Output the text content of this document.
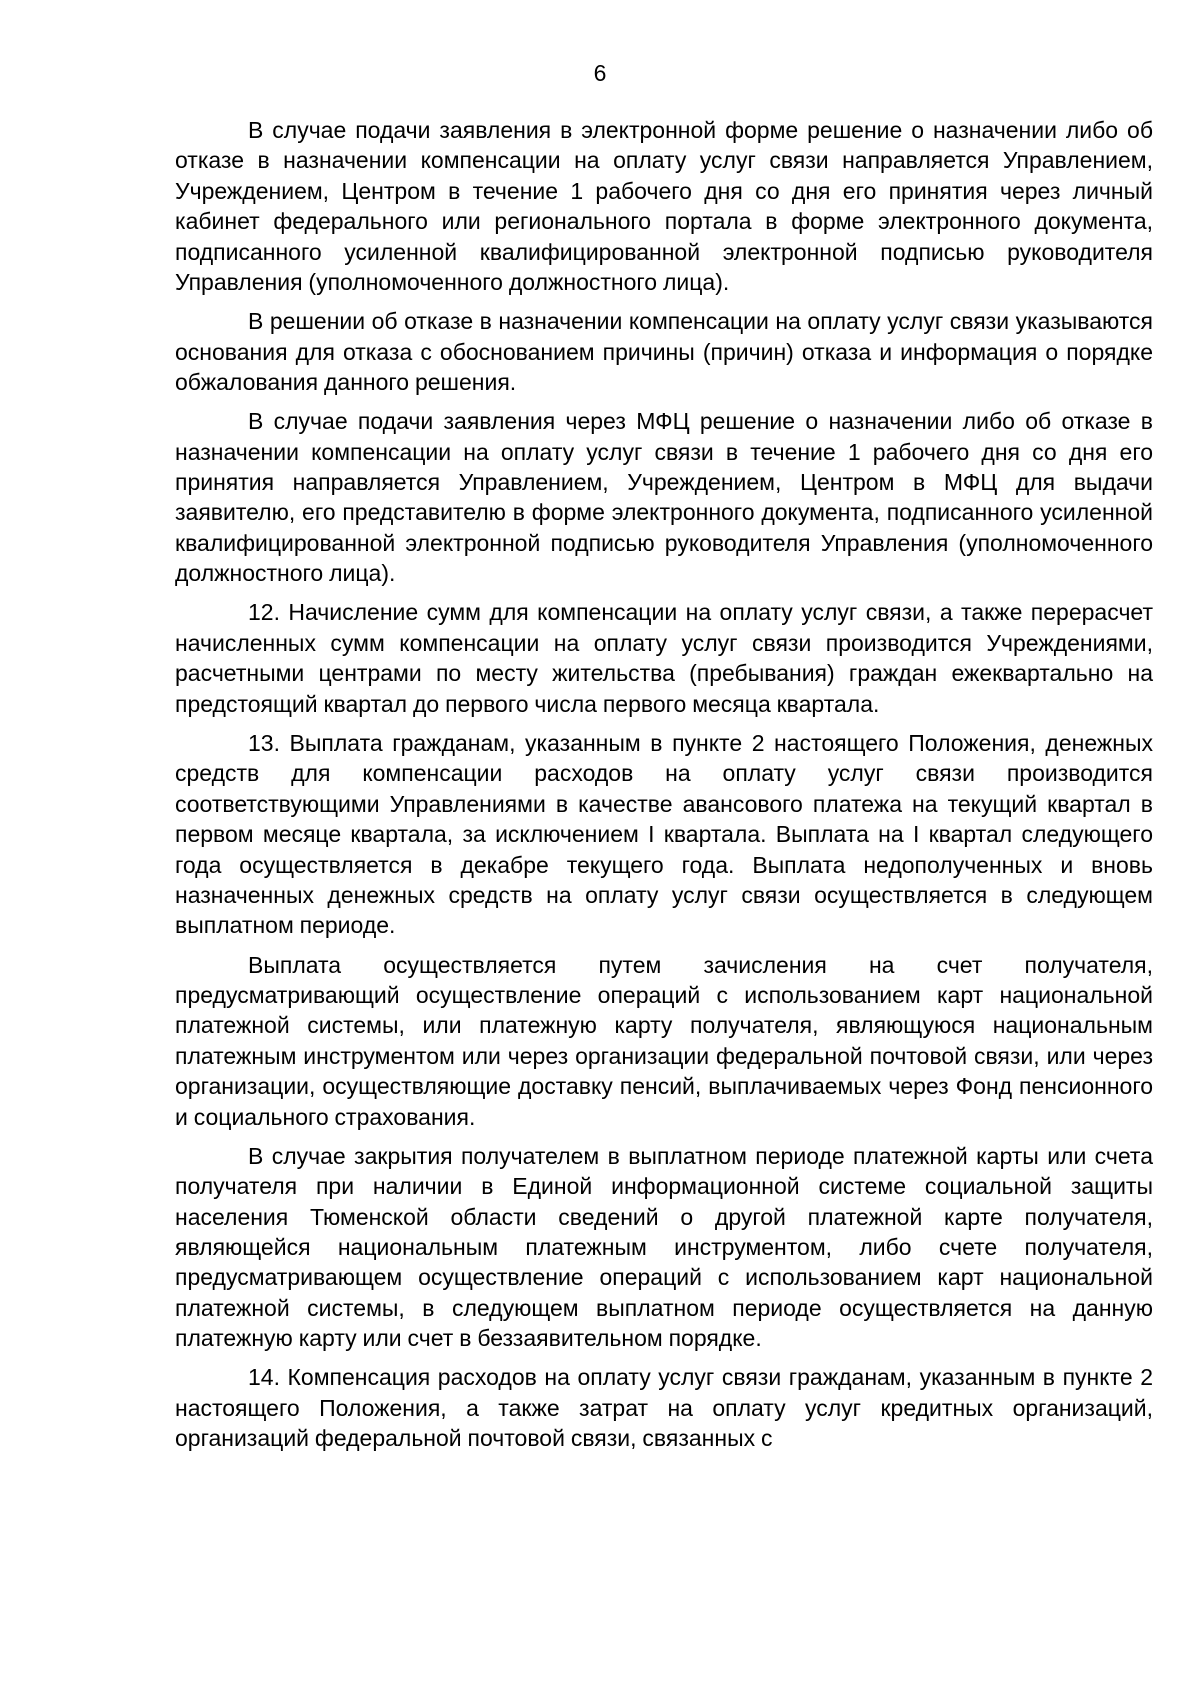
6

В случае подачи заявления в электронной форме решение о назначении либо об отказе в назначении компенсации на оплату услуг связи направляется Управлением, Учреждением, Центром в течение 1 рабочего дня со дня его принятия через личный кабинет федерального или регионального портала в форме электронного документа, подписанного усиленной квалифицированной электронной подписью руководителя Управления (уполномоченного должностного лица).

В решении об отказе в назначении компенсации на оплату услуг связи указываются основания для отказа с обоснованием причины (причин) отказа и информация о порядке обжалования данного решения.

В случае подачи заявления через МФЦ решение о назначении либо об отказе в назначении компенсации на оплату услуг связи в течение 1 рабочего дня со дня его принятия направляется Управлением, Учреждением, Центром в МФЦ для выдачи заявителю, его представителю в форме электронного документа, подписанного усиленной квалифицированной электронной подписью руководителя Управления (уполномоченного должностного лица).

12. Начисление сумм для компенсации на оплату услуг связи, а также перерасчет начисленных сумм компенсации на оплату услуг связи производится Учреждениями, расчетными центрами по месту жительства (пребывания) граждан ежеквартально на предстоящий квартал до первого числа первого месяца квартала.

13. Выплата гражданам, указанным в пункте 2 настоящего Положения, денежных средств для компенсации расходов на оплату услуг связи производится соответствующими Управлениями в качестве авансового платежа на текущий квартал в первом месяце квартала, за исключением I квартала. Выплата на I квартал следующего года осуществляется в декабре текущего года. Выплата недополученных и вновь назначенных денежных средств на оплату услуг связи осуществляется в следующем выплатном периоде.

Выплата осуществляется путем зачисления на счет получателя, предусматривающий осуществление операций с использованием карт национальной платежной системы, или платежную карту получателя, являющуюся национальным платежным инструментом или через организации федеральной почтовой связи, или через организации, осуществляющие доставку пенсий, выплачиваемых через Фонд пенсионного и социального страхования.

В случае закрытия получателем в выплатном периоде платежной карты или счета получателя при наличии в Единой информационной системе социальной защиты населения Тюменской области сведений о другой платежной карте получателя, являющейся национальным платежным инструментом, либо счете получателя, предусматривающем осуществление операций с использованием карт национальной платежной системы, в следующем выплатном периоде осуществляется на данную платежную карту или счет в беззаявительном порядке.

14. Компенсация расходов на оплату услуг связи гражданам, указанным в пункте 2 настоящего Положения, а также затрат на оплату услуг кредитных организаций, организаций федеральной почтовой связи, связанных с
